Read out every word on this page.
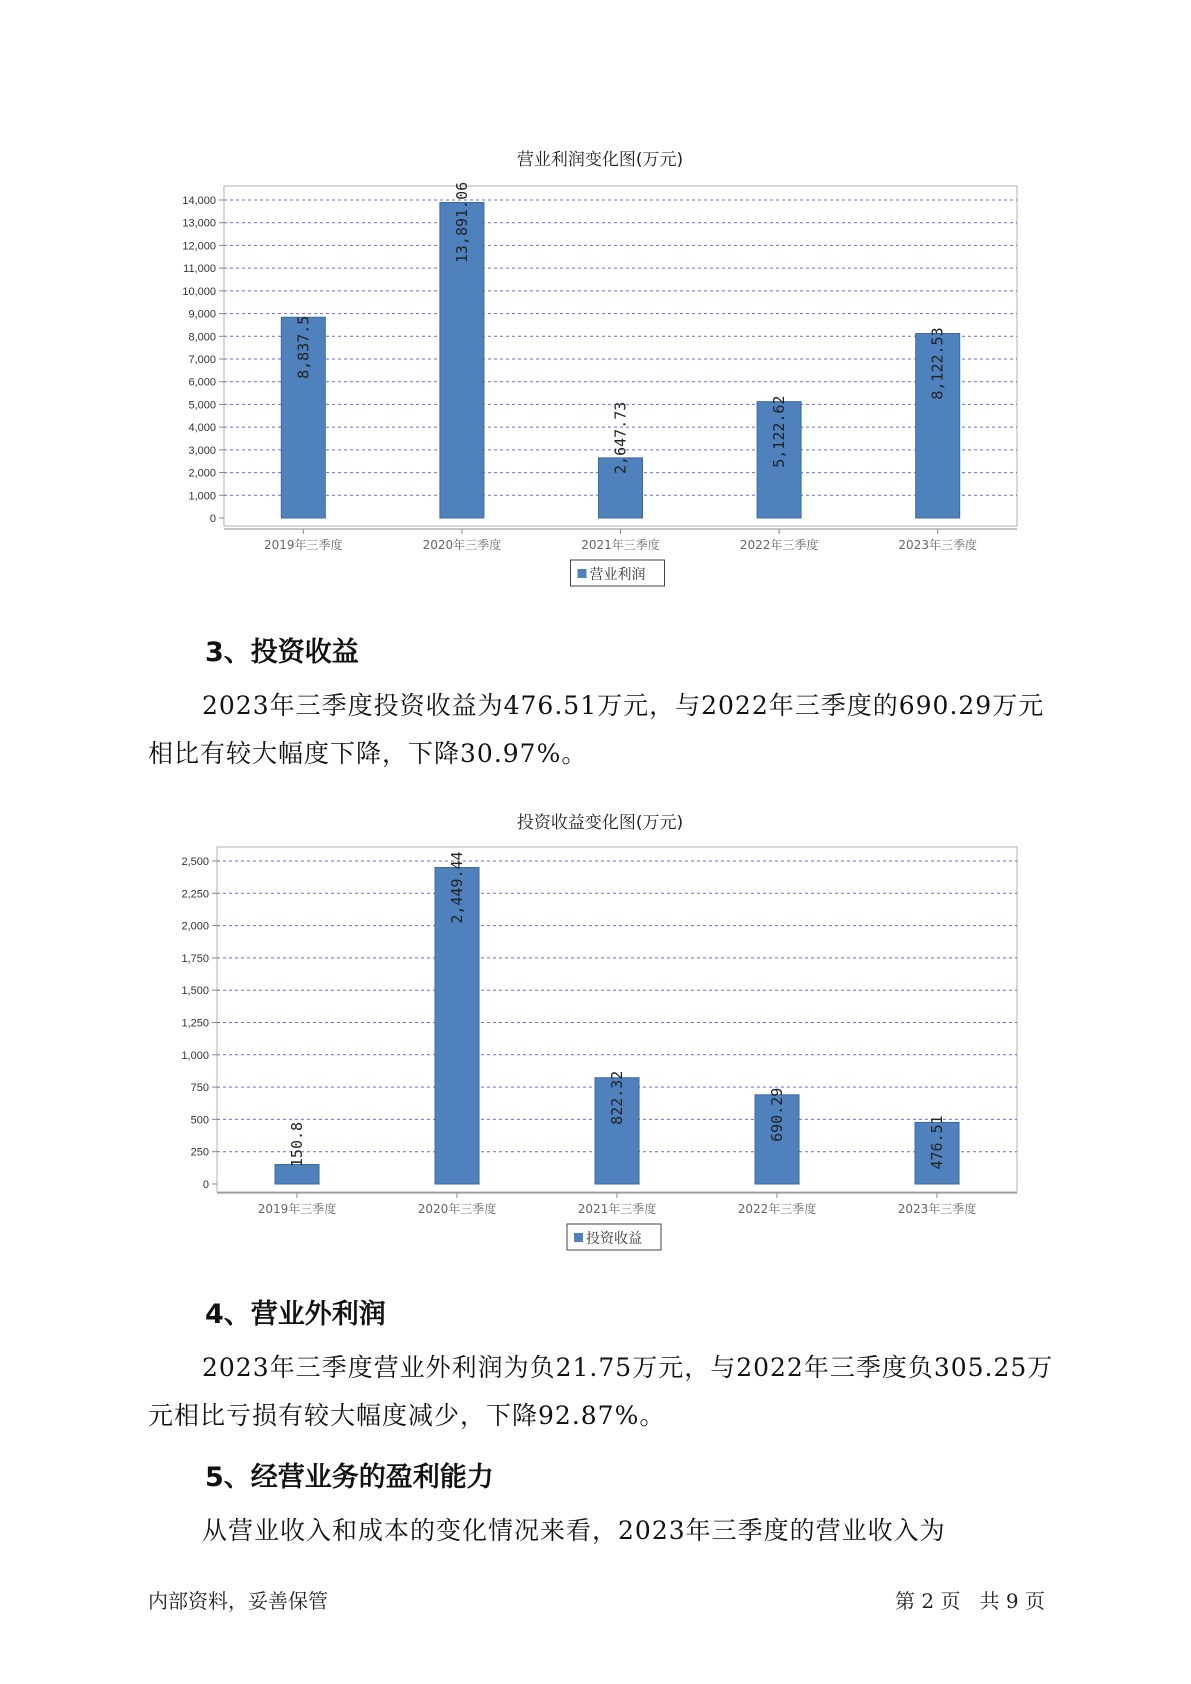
营业利润变化图(万元)
0
1,000
2,000
3,000
4,000
5,000
6,000
7,000
8,000
9,000
10,000
11,000
12,000
13,000
14,000
8,837.5
2019年三季度
13,891.06
2020年三季度
2,647.73
2021年三季度
5,122.62
2022年三季度
8,122.53
2023年三季度
营业利润
3、投资收益

2023年三季度投资收益为476.51万元，与2022年三季度的690.29万元相比有较大幅度下降，下降30.97%。

投资收益变化图(万元)
0
250
500
750
1,000
1,250
1,500
1,750
2,000
2,250
2,500
150.8
2019年三季度
2,449.44
2020年三季度
822.32
2021年三季度
690.29
2022年三季度
476.51
2023年三季度
投资收益
4、营业外利润

2023年三季度营业外利润为负21.75万元，与2022年三季度负305.25万元相比亏损有较大幅度减少，下降92.87%。

5、经营业务的盈利能力

从营业收入和成本的变化情况来看，2023年三季度的营业收入为

内部资料，妥善保管	第 2 页   共 9 页
